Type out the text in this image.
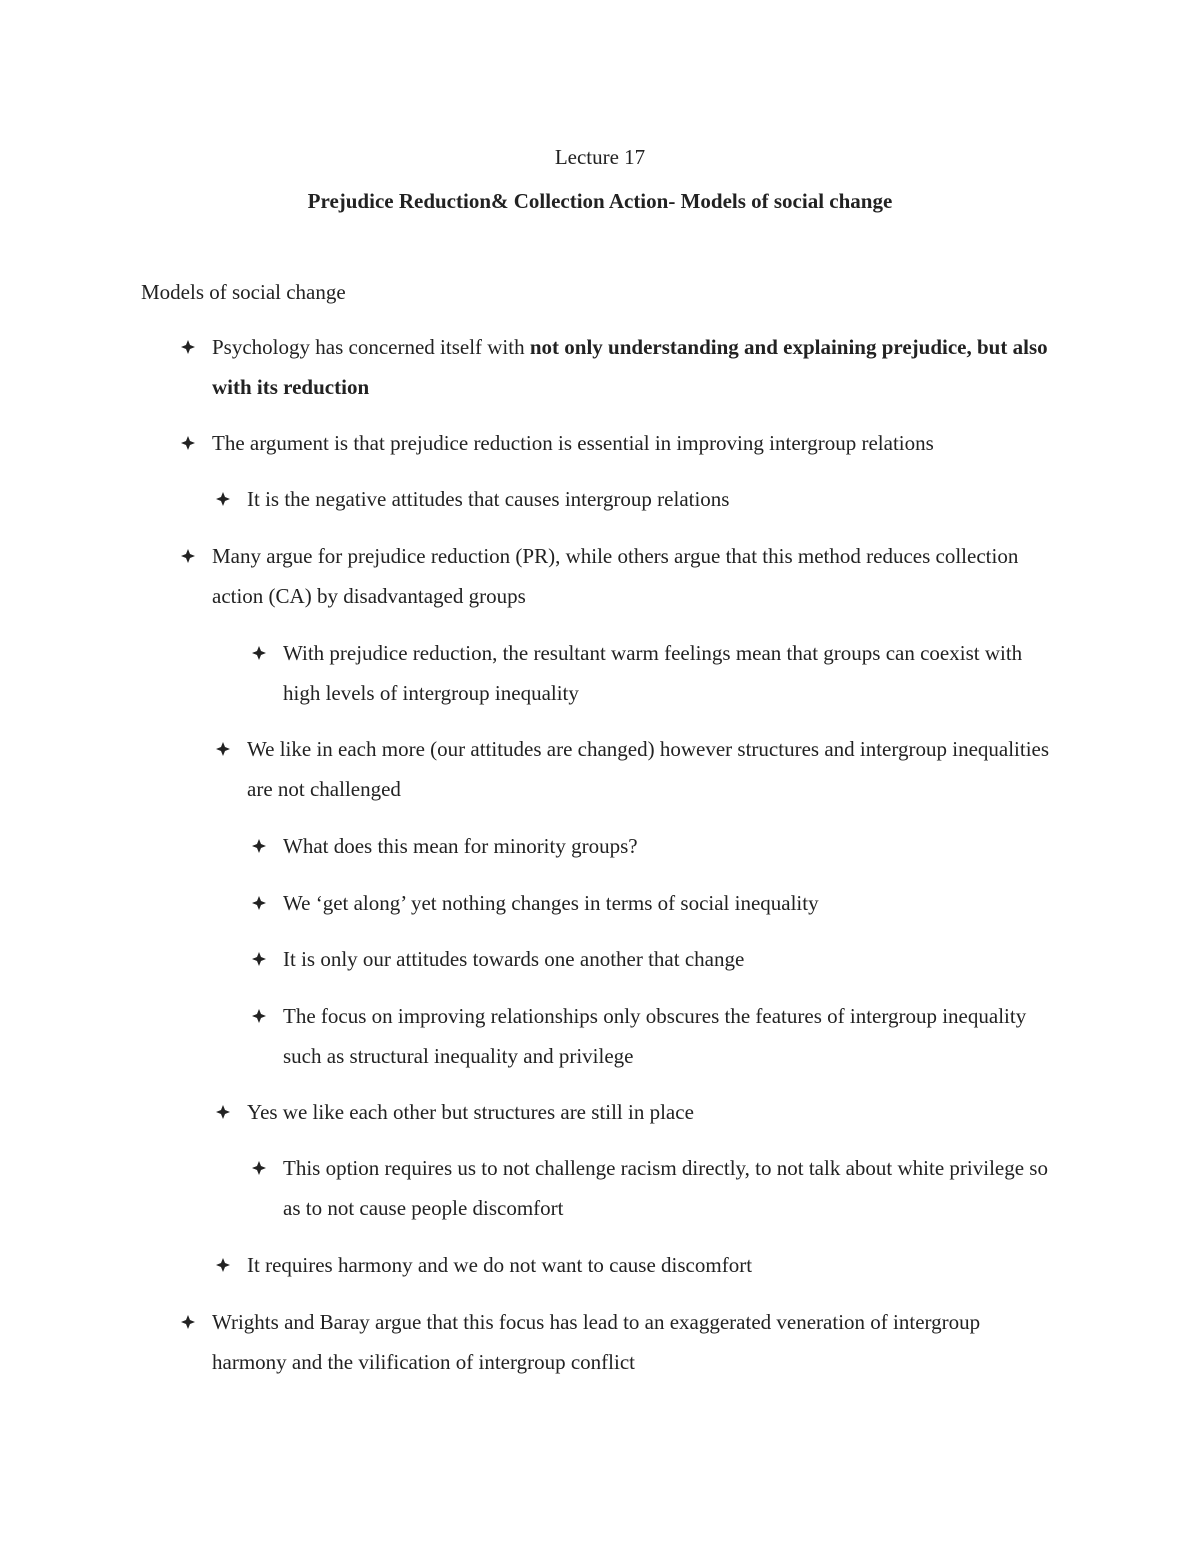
Lecture 17
Prejudice Reduction& Collection Action- Models of social change
Models of social change
Psychology has concerned itself with not only understanding and explaining prejudice, but also with its reduction
The argument is that prejudice reduction is essential in improving intergroup relations
It is the negative attitudes that causes intergroup relations
Many argue for prejudice reduction (PR), while others argue that this method reduces collection action (CA) by disadvantaged groups
With prejudice reduction, the resultant warm feelings mean that groups can coexist with high levels of intergroup inequality
We like in each more (our attitudes are changed) however structures and intergroup inequalities are not challenged
What does this mean for minority groups?
We ‘get along’ yet nothing changes in terms of social inequality
It is only our attitudes towards one another that change
The focus on improving relationships only obscures the features of intergroup inequality such as structural inequality and privilege
Yes we like each other but structures are still in place
This option requires us to not challenge racism directly, to not talk about white privilege so as to not cause people discomfort
It requires harmony and we do not want to cause discomfort
Wrights and Baray argue that this focus has lead to an exaggerated veneration of intergroup harmony and the vilification of intergroup conflict
